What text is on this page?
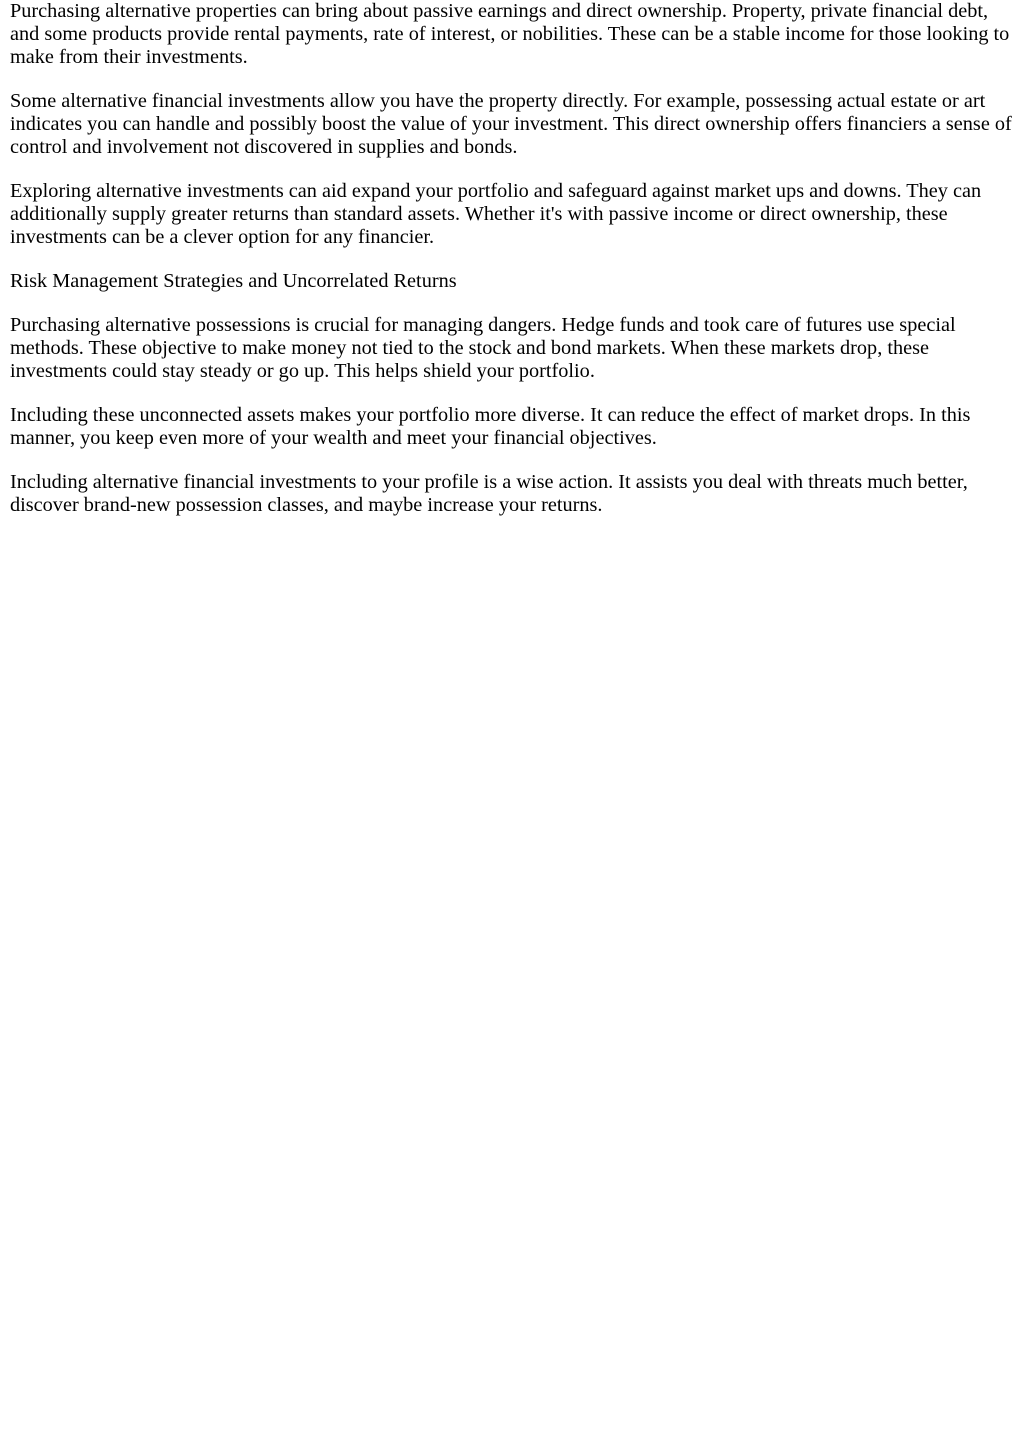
Purchasing alternative properties can bring about passive earnings and direct ownership. Property, private financial debt, and some products provide rental payments, rate of interest, or nobilities. These can be a stable income for those looking to make from their investments.

Some alternative financial investments allow you have the property directly. For example, possessing actual estate or art indicates you can handle and possibly boost the value of your investment. This direct ownership offers financiers a sense of control and involvement not discovered in supplies and bonds.

Exploring alternative investments can aid expand your portfolio and safeguard against market ups and downs. They can additionally supply greater returns than standard assets. Whether it's with passive income or direct ownership, these investments can be a clever option for any financier.

Risk Management Strategies and Uncorrelated Returns

Purchasing alternative possessions is crucial for managing dangers. Hedge funds and took care of futures use special methods. These objective to make money not tied to the stock and bond markets. When these markets drop, these investments could stay steady or go up. This helps shield your portfolio.

Including these unconnected assets makes your portfolio more diverse. It can reduce the effect of market drops. In this manner, you keep even more of your wealth and meet your financial objectives.

Including alternative financial investments to your profile is a wise action. It assists you deal with threats much better, discover brand-new possession classes, and maybe increase your returns.
